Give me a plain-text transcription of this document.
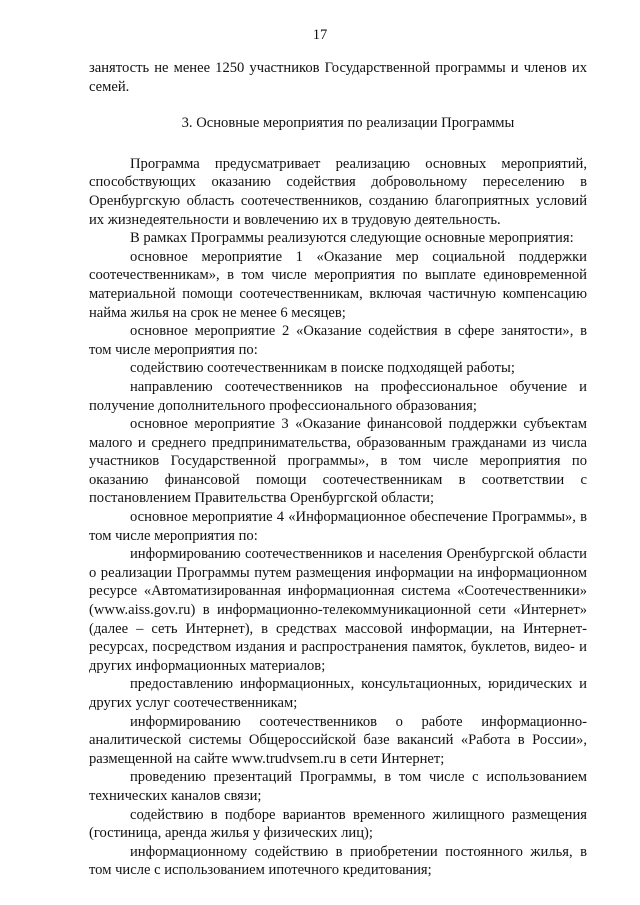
17

занятость не менее 1250 участников Государственной программы и членов их семей.

3. Основные мероприятия по реализации Программы

Программа предусматривает реализацию основных мероприятий, способствующих оказанию содействия добровольному переселению в Оренбургскую область соотечественников, созданию благоприятных условий их жизнедеятельности и вовлечению их в трудовую деятельность.

В рамках Программы реализуются следующие основные мероприятия:

основное мероприятие 1 «Оказание мер социальной поддержки соотечественникам», в том числе мероприятия по выплате единовременной материальной помощи соотечественникам, включая частичную компенсацию найма жилья на срок не менее 6 месяцев;

основное мероприятие 2 «Оказание содействия в сфере занятости», в том числе мероприятия по:

содействию соотечественникам в поиске подходящей работы;

направлению соотечественников на профессиональное обучение и получение дополнительного профессионального образования;

основное мероприятие 3 «Оказание финансовой поддержки субъектам малого и среднего предпринимательства, образованным гражданами из числа участников Государственной программы», в том числе мероприятия по оказанию финансовой помощи соотечественникам в соответствии с постановлением Правительства Оренбургской области;

основное мероприятие 4 «Информационное обеспечение Программы», в том числе мероприятия по:

информированию соотечественников и населения Оренбургской области о реализации Программы путем размещения информации на информационном ресурсе «Автоматизированная информационная система «Соотечественники» (www.aiss.gov.ru) в информационно-телекоммуникационной сети «Интернет» (далее – сеть Интернет), в средствах массовой информации, на Интернет-ресурсах, посредством издания и распространения памяток, буклетов, видео- и других информационных материалов;

предоставлению информационных, консультационных, юридических и других услуг соотечественникам;

информированию соотечественников о работе информационно-аналитической системы Общероссийской базе вакансий «Работа в России», размещенной на сайте www.trudvsem.ru в сети Интернет;

проведению презентаций Программы, в том числе с использованием технических каналов связи;

содействию в подборе вариантов временного жилищного размещения (гостиница, аренда жилья у физических лиц);

информационному содействию в приобретении постоянного жилья, в том числе с использованием ипотечного кредитования;
